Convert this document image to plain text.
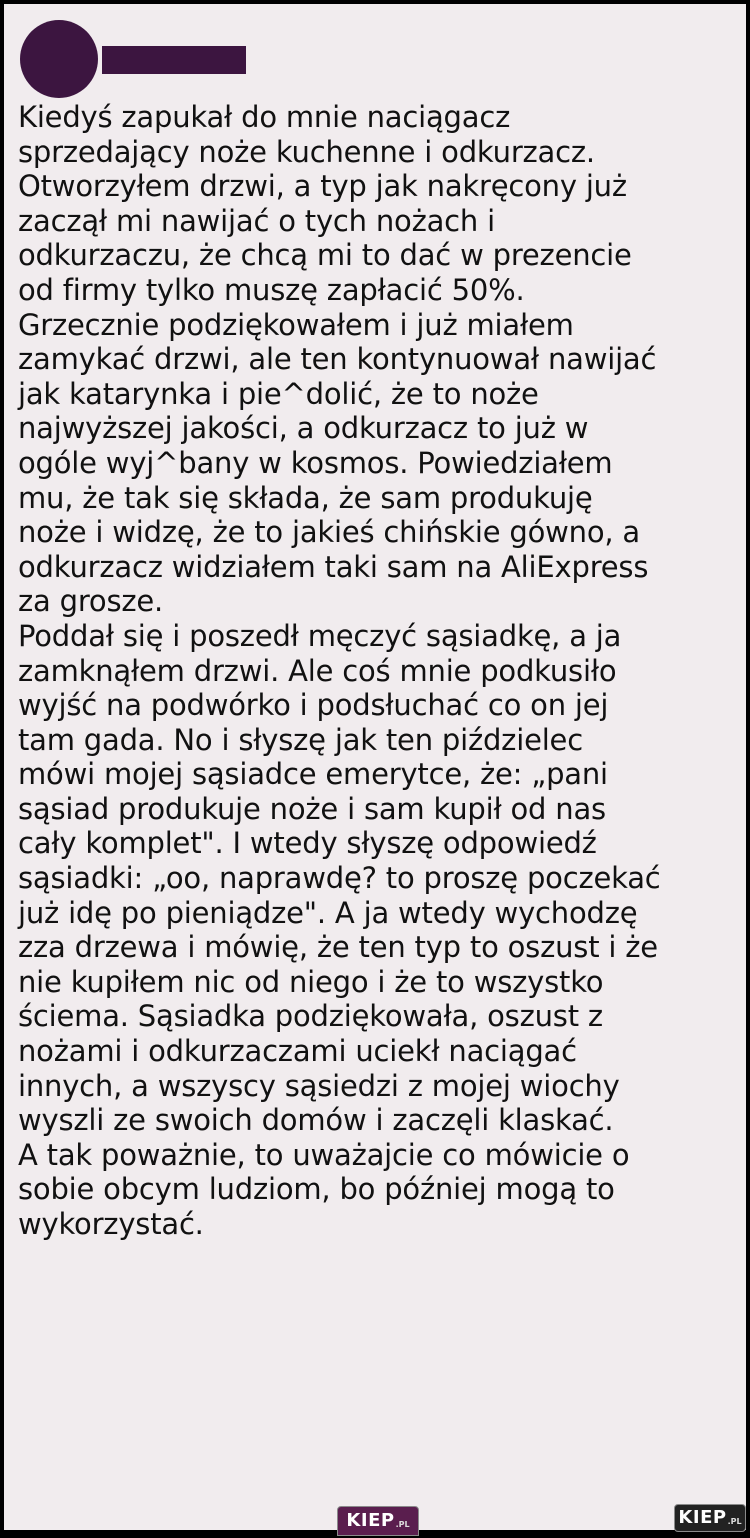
Kiedyś zapukał do mnie naciągacz
sprzedający noże kuchenne i odkurzacz.
Otworzyłem drzwi, a typ jak nakręcony już
zaczął mi nawijać o tych nożach i
odkurzaczu, że chcą mi to dać w prezencie
od firmy tylko muszę zapłacić 50%.
Grzecznie podziękowałem i już miałem
zamykać drzwi, ale ten kontynuował nawijać
jak katarynka i pie^dolić, że to noże
najwyższej jakości, a odkurzacz to już w
ogóle wyj^bany w kosmos. Powiedziałem
mu, że tak się składa, że sam produkuję
noże i widzę, że to jakieś chińskie gówno, a
odkurzacz widziałem taki sam na AliExpress
za grosze.
Poddał się i poszedł męczyć sąsiadkę, a ja
zamknąłem drzwi. Ale coś mnie podkusiło
wyjść na podwórko i podsłuchać co on jej
tam gada. No i słyszę jak ten piździelec
mówi mojej sąsiadce emerytce, że: „pani
sąsiad produkuje noże i sam kupił od nas
cały komplet". I wtedy słyszę odpowiedź
sąsiadki: „oo, naprawdę? to proszę poczekać
już idę po pieniądze". A ja wtedy wychodzę
zza drzewa i mówię, że ten typ to oszust i że
nie kupiłem nic od niego i że to wszystko
ściema. Sąsiadka podziękowała, oszust z
nożami i odkurzaczami uciekł naciągać
innych, a wszyscy sąsiedzi z mojej wiochy
wyszli ze swoich domów i zaczęli klaskać.
A tak poważnie, to uważajcie co mówicie o
sobie obcym ludziom, bo później mogą to
wykorzystać.
KIEP .PL	KIEP .PL
